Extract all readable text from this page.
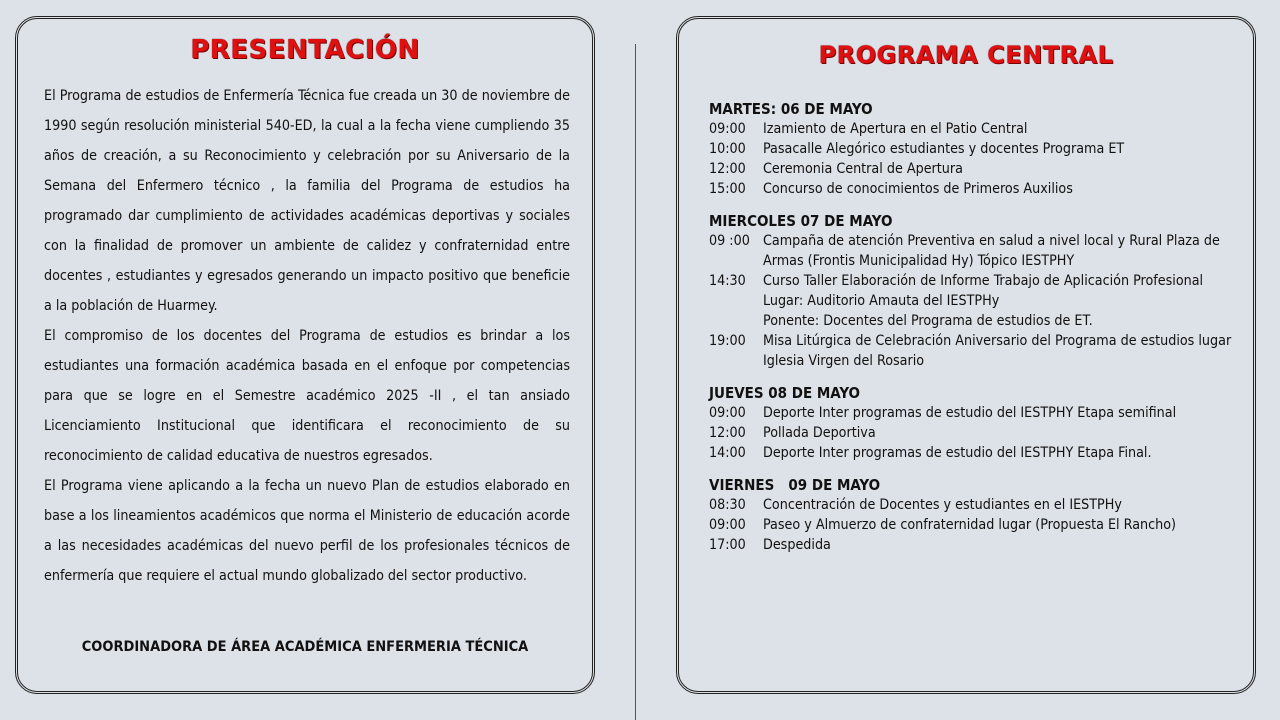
PRESENTACIÓN

El Programa de estudios de Enfermería Técnica fue creada un 30 de noviembre de 1990 según resolución ministerial 540-ED, la cual a la fecha viene cumpliendo 35 años de creación, a su Reconocimiento y celebración por su Aniversario de la Semana del Enfermero técnico , la familia del Programa de estudios ha programado dar cumplimiento de actividades académicas deportivas y sociales con la finalidad de promover un ambiente de calidez y confraternidad entre docentes , estudiantes y egresados generando un impacto positivo que beneficie a la población de Huarmey.

El compromiso de los docentes del Programa de estudios es brindar a los estudiantes una formación académica basada en el enfoque por competencias para que se logre en el Semestre académico 2025 -II , el tan ansiado Licenciamiento Institucional que identificara el reconocimiento de su reconocimiento de calidad educativa de nuestros egresados.

El Programa viene aplicando a la fecha un nuevo Plan de estudios elaborado en base a los lineamientos académicos que norma el Ministerio de educación acorde a las necesidades académicas del nuevo perfil de los profesionales técnicos de enfermería que requiere el actual mundo globalizado del sector productivo.

COORDINADORA DE ÁREA ACADÉMICA ENFERMERIA TÉCNICA
PROGRAMA CENTRAL
MARTES: 06 DE MAYO
09:00	Izamiento de Apertura en el Patio Central
10:00	Pasacalle Alegórico estudiantes y docentes Programa ET
12:00	Ceremonia Central de Apertura
15:00	Concurso de conocimientos de Primeros Auxilios
MIERCOLES 07 DE MAYO
09 :00 Campaña de atención Preventiva en salud a nivel local y Rural Plaza de Armas (Frontis Municipalidad Hy) Tópico IESTPHY
14:30	Curso Taller Elaboración de Informe Trabajo de Aplicación Profesional
Lugar: Auditorio Amauta del IESTPHy
Ponente: Docentes del Programa de estudios de ET.
19:00	Misa Litúrgica de Celebración Aniversario del Programa de estudios lugar Iglesia Virgen del Rosario
JUEVES 08 DE MAYO
09:00	Deporte Inter programas de estudio del IESTPHY Etapa semifinal
12:00	Pollada Deportiva
14:00	Deporte Inter programas de estudio del IESTPHY Etapa Final.
VIERNES   09 DE MAYO
08:30	Concentración de Docentes y estudiantes en el IESTPHy
09:00	Paseo y Almuerzo de confraternidad lugar (Propuesta El Rancho)
17:00	Despedida
